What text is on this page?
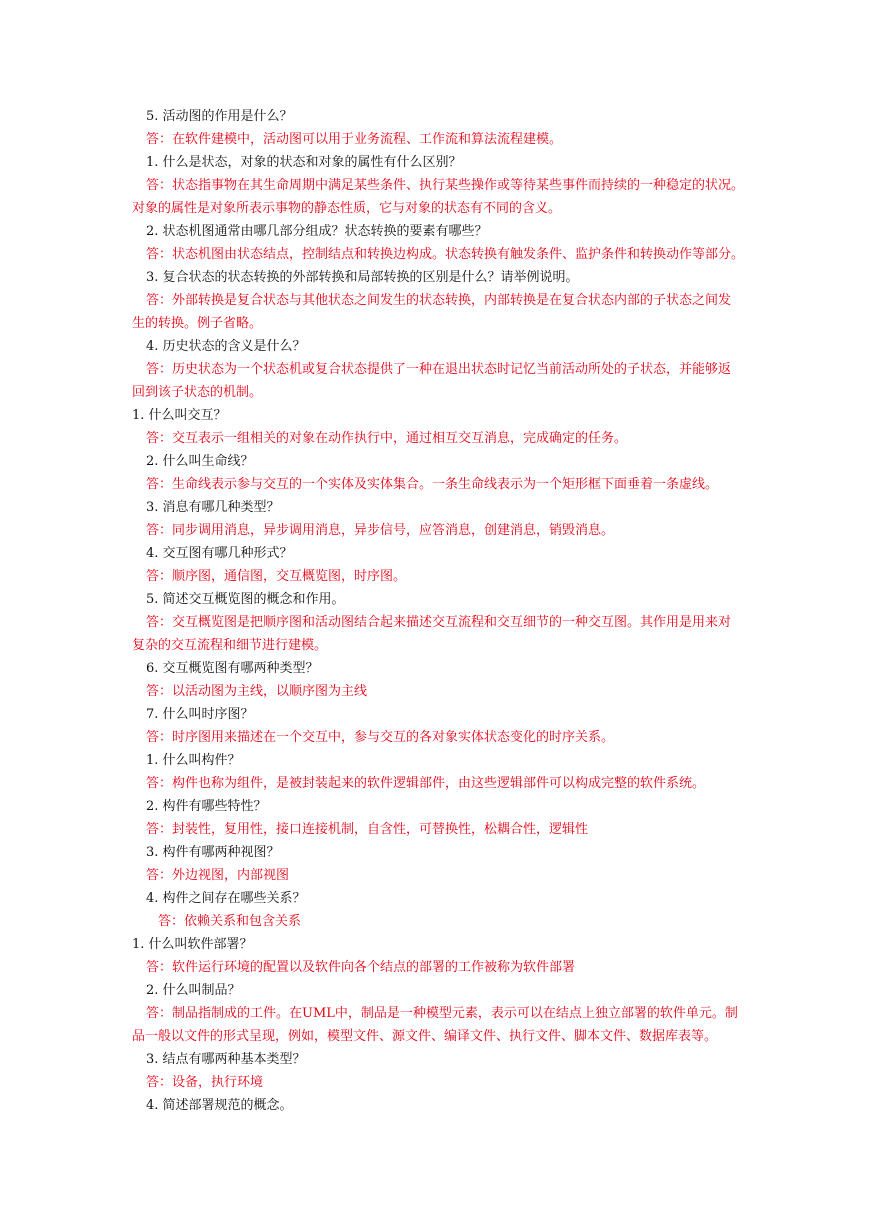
5. 活动图的作用是什么？
答：在软件建模中，活动图可以用于业务流程、工作流和算法流程建模。
1. 什么是状态，对象的状态和对象的属性有什么区别？
答：状态指事物在其生命周期中满足某些条件、执行某些操作或等待某些事件而持续的一种稳定的状况。
对象的属性是对象所表示事物的静态性质，它与对象的状态有不同的含义。
2. 状态机图通常由哪几部分组成？状态转换的要素有哪些？
答：状态机图由状态结点，控制结点和转换边构成。状态转换有触发条件、监护条件和转换动作等部分。
3. 复合状态的状态转换的外部转换和局部转换的区别是什么？请举例说明。
答：外部转换是复合状态与其他状态之间发生的状态转换，内部转换是在复合状态内部的子状态之间发
生的转换。例子省略。
4. 历史状态的含义是什么？
答：历史状态为一个状态机或复合状态提供了一种在退出状态时记忆当前活动所处的子状态，并能够返
回到该子状态的机制。
1. 什么叫交互？
答：交互表示一组相关的对象在动作执行中，通过相互交互消息，完成确定的任务。
2. 什么叫生命线？
答：生命线表示参与交互的一个实体及实体集合。一条生命线表示为一个矩形框下面垂着一条虚线。
3. 消息有哪几种类型？
答：同步调用消息，异步调用消息，异步信号，应答消息，创建消息，销毁消息。
4. 交互图有哪几种形式？
答：顺序图，通信图，交互概览图，时序图。
5. 简述交互概览图的概念和作用。
答：交互概览图是把顺序图和活动图结合起来描述交互流程和交互细节的一种交互图。其作用是用来对
复杂的交互流程和细节进行建模。
6. 交互概览图有哪两种类型？
答：以活动图为主线，以顺序图为主线
7. 什么叫时序图？
答：时序图用来描述在一个交互中，参与交互的各对象实体状态变化的时序关系。
1. 什么叫构件？
答：构件也称为组件，是被封装起来的软件逻辑部件，由这些逻辑部件可以构成完整的软件系统。
2. 构件有哪些特性？
答：封装性，复用性，接口连接机制，自含性，可替换性，松耦合性，逻辑性
3. 构件有哪两种视图？
答：外边视图，内部视图
4. 构件之间存在哪些关系？
答：依赖关系和包含关系
1. 什么叫软件部署？
答：软件运行环境的配置以及软件向各个结点的部署的工作被称为软件部署
2. 什么叫制品？
答：制品指制成的工件。在UML中，制品是一种模型元素，表示可以在结点上独立部署的软件单元。制
品一般以文件的形式呈现，例如，模型文件、源文件、编译文件、执行文件、脚本文件、数据库表等。
3. 结点有哪两种基本类型？
答：设备，执行环境
4. 简述部署规范的概念。
